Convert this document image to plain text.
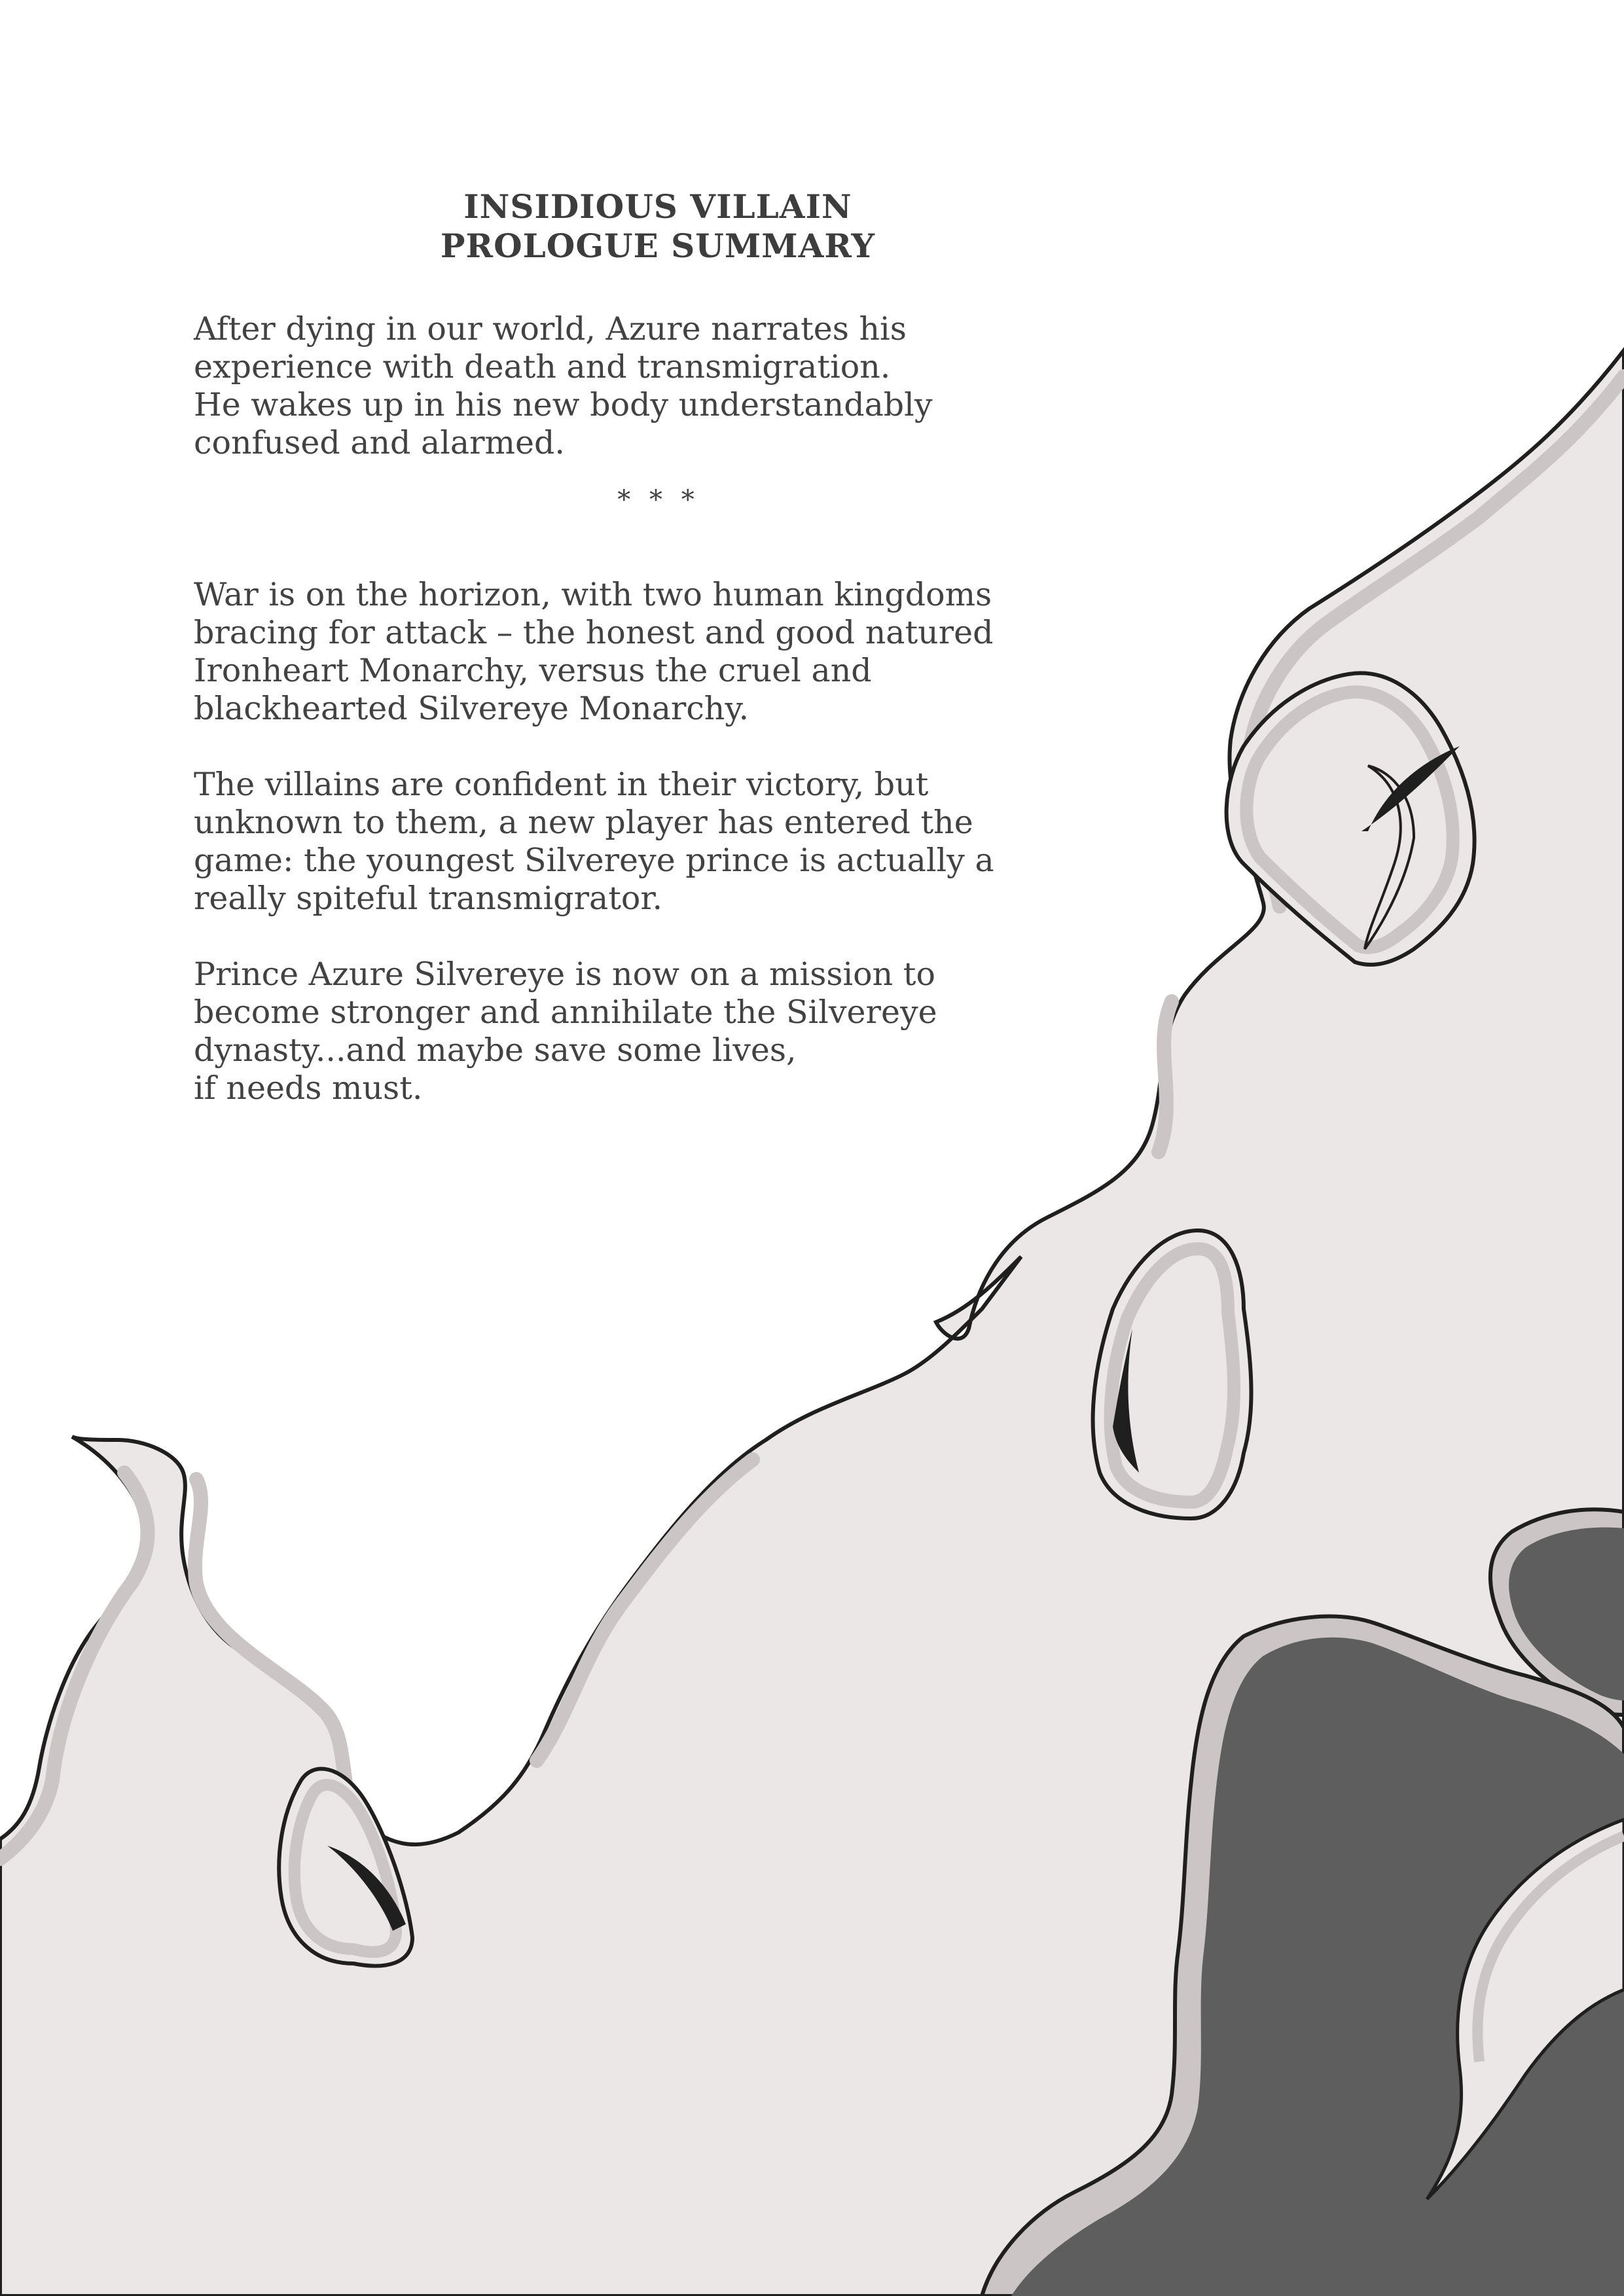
INSIDIOUS VILLAIN
PROLOGUE SUMMARY
After dying in our world, Azure narrates his
experience with death and transmigration.
He wakes up in his new body understandably
confused and alarmed.
* * *
War is on the horizon, with two human kingdoms
bracing for attack – the honest and good natured
Ironheart Monarchy, versus the cruel and
blackhearted Silvereye Monarchy.
The villains are confident in their victory, but
unknown to them, a new player has entered the
game: the youngest Silvereye prince is actually a
really spiteful transmigrator.
Prince Azure Silvereye is now on a mission to
become stronger and annihilate the Silvereye
dynasty...and maybe save some lives,
if needs must.
